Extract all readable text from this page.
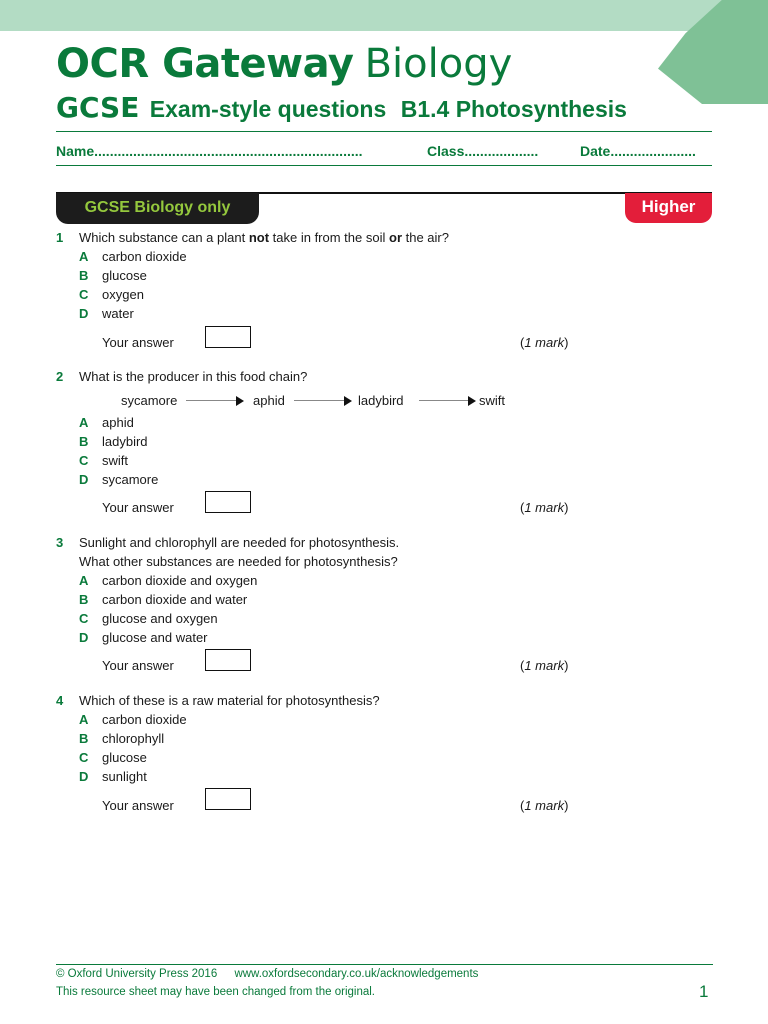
OCR Gateway Biology
GCSE Exam-style questions B1.4 Photosynthesis
Name.....................................................................	Class...................	Date......................
GCSE Biology only	Higher
1 Which substance can a plant not take in from the soil or the air?
A carbon dioxide
B glucose
C oxygen
D water
Your answer	(1 mark)
2 What is the producer in this food chain?
sycamore	aphid	ladybird	swift
A aphid
B ladybird
C swift
D sycamore
Your answer	(1 mark)
3 Sunlight and chlorophyll are needed for photosynthesis.
What other substances are needed for photosynthesis?
A carbon dioxide and oxygen
B carbon dioxide and water
C glucose and oxygen
D glucose and water
Your answer	(1 mark)
4 Which of these is a raw material for photosynthesis?
A carbon dioxide
B chlorophyll
C glucose
D sunlight
Your answer	(1 mark)
© Oxford University Press 2016 www.oxfordsecondary.co.uk/acknowledgements
This resource sheet may have been changed from the original.	1
